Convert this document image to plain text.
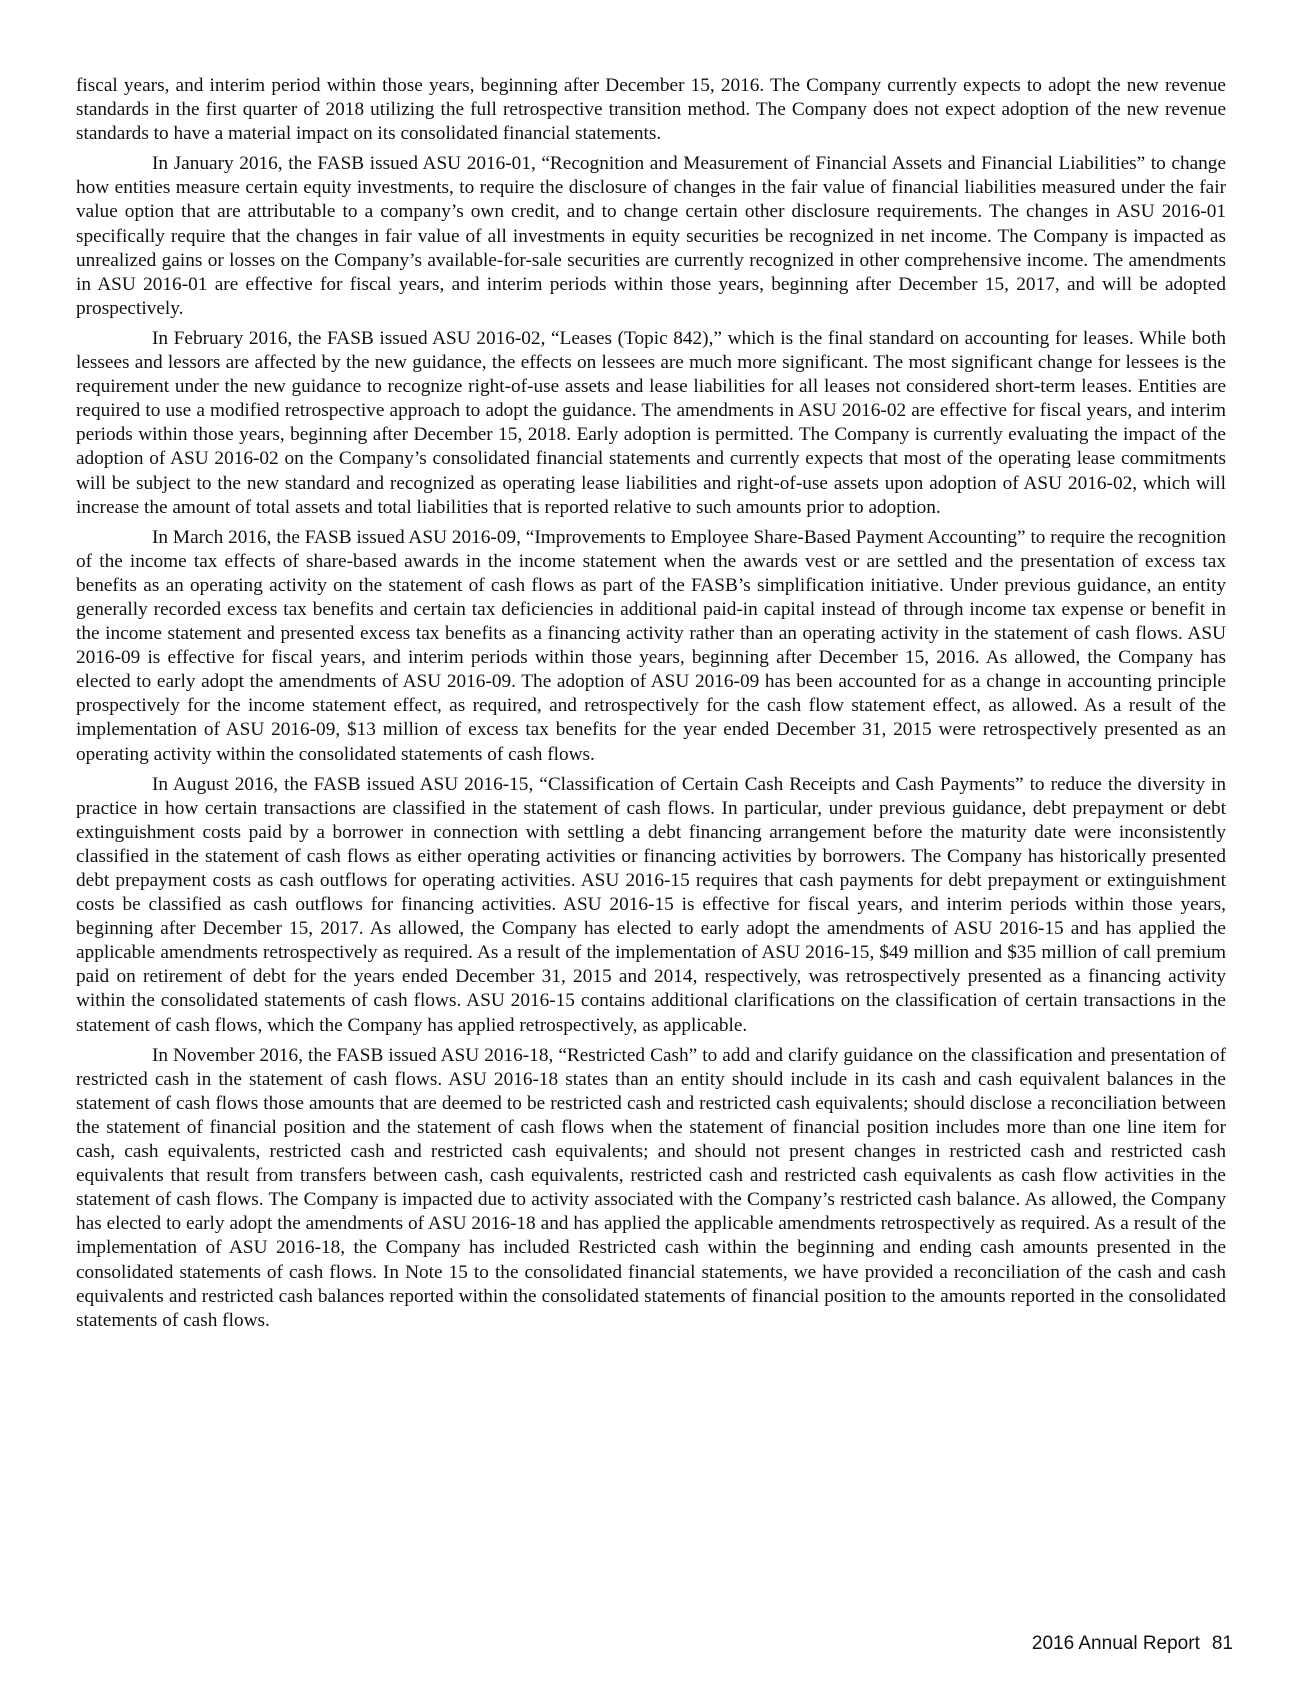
fiscal years, and interim period within those years, beginning after December 15, 2016. The Company currently expects to adopt the new revenue standards in the first quarter of 2018 utilizing the full retrospective transition method. The Company does not expect adoption of the new revenue standards to have a material impact on its consolidated financial statements.

In January 2016, the FASB issued ASU 2016-01, “Recognition and Measurement of Financial Assets and Financial Liabilities” to change how entities measure certain equity investments, to require the disclosure of changes in the fair value of financial liabilities measured under the fair value option that are attributable to a company’s own credit, and to change certain other disclosure requirements. The changes in ASU 2016-01 specifically require that the changes in fair value of all investments in equity securities be recognized in net income. The Company is impacted as unrealized gains or losses on the Company’s available-for-sale securities are currently recognized in other comprehensive income. The amendments in ASU 2016-01 are effective for fiscal years, and interim periods within those years, beginning after December 15, 2017, and will be adopted prospectively.

In February 2016, the FASB issued ASU 2016-02, “Leases (Topic 842),” which is the final standard on accounting for leases. While both lessees and lessors are affected by the new guidance, the effects on lessees are much more significant. The most significant change for lessees is the requirement under the new guidance to recognize right-of-use assets and lease liabilities for all leases not considered short-term leases. Entities are required to use a modified retrospective approach to adopt the guidance. The amendments in ASU 2016-02 are effective for fiscal years, and interim periods within those years, beginning after December 15, 2018. Early adoption is permitted. The Company is currently evaluating the impact of the adoption of ASU 2016-02 on the Company’s consolidated financial statements and currently expects that most of the operating lease commitments will be subject to the new standard and recognized as operating lease liabilities and right-of-use assets upon adoption of ASU 2016-02, which will increase the amount of total assets and total liabilities that is reported relative to such amounts prior to adoption.

In March 2016, the FASB issued ASU 2016-09, “Improvements to Employee Share-Based Payment Accounting” to require the recognition of the income tax effects of share-based awards in the income statement when the awards vest or are settled and the presentation of excess tax benefits as an operating activity on the statement of cash flows as part of the FASB’s simplification initiative. Under previous guidance, an entity generally recorded excess tax benefits and certain tax deficiencies in additional paid-in capital instead of through income tax expense or benefit in the income statement and presented excess tax benefits as a financing activity rather than an operating activity in the statement of cash flows. ASU 2016-09 is effective for fiscal years, and interim periods within those years, beginning after December 15, 2016. As allowed, the Company has elected to early adopt the amendments of ASU 2016-09. The adoption of ASU 2016-09 has been accounted for as a change in accounting principle prospectively for the income statement effect, as required, and retrospectively for the cash flow statement effect, as allowed. As a result of the implementation of ASU 2016-09, $13 million of excess tax benefits for the year ended December 31, 2015 were retrospectively presented as an operating activity within the consolidated statements of cash flows.

In August 2016, the FASB issued ASU 2016-15, “Classification of Certain Cash Receipts and Cash Payments” to reduce the diversity in practice in how certain transactions are classified in the statement of cash flows. In particular, under previous guidance, debt prepayment or debt extinguishment costs paid by a borrower in connection with settling a debt financing arrangement before the maturity date were inconsistently classified in the statement of cash flows as either operating activities or financing activities by borrowers. The Company has historically presented debt prepayment costs as cash outflows for operating activities. ASU 2016-15 requires that cash payments for debt prepayment or extinguishment costs be classified as cash outflows for financing activities. ASU 2016-15 is effective for fiscal years, and interim periods within those years, beginning after December 15, 2017. As allowed, the Company has elected to early adopt the amendments of ASU 2016-15 and has applied the applicable amendments retrospectively as required. As a result of the implementation of ASU 2016-15, $49 million and $35 million of call premium paid on retirement of debt for the years ended December 31, 2015 and 2014, respectively, was retrospectively presented as a financing activity within the consolidated statements of cash flows. ASU 2016-15 contains additional clarifications on the classification of certain transactions in the statement of cash flows, which the Company has applied retrospectively, as applicable.

In November 2016, the FASB issued ASU 2016-18, “Restricted Cash” to add and clarify guidance on the classification and presentation of restricted cash in the statement of cash flows. ASU 2016-18 states than an entity should include in its cash and cash equivalent balances in the statement of cash flows those amounts that are deemed to be restricted cash and restricted cash equivalents; should disclose a reconciliation between the statement of financial position and the statement of cash flows when the statement of financial position includes more than one line item for cash, cash equivalents, restricted cash and restricted cash equivalents; and should not present changes in restricted cash and restricted cash equivalents that result from transfers between cash, cash equivalents, restricted cash and restricted cash equivalents as cash flow activities in the statement of cash flows. The Company is impacted due to activity associated with the Company’s restricted cash balance. As allowed, the Company has elected to early adopt the amendments of ASU 2016-18 and has applied the applicable amendments retrospectively as required. As a result of the implementation of ASU 2016-18, the Company has included Restricted cash within the beginning and ending cash amounts presented in the consolidated statements of cash flows. In Note 15 to the consolidated financial statements, we have provided a reconciliation of the cash and cash equivalents and restricted cash balances reported within the consolidated statements of financial position to the amounts reported in the consolidated statements of cash flows.

2016 Annual Report 81
